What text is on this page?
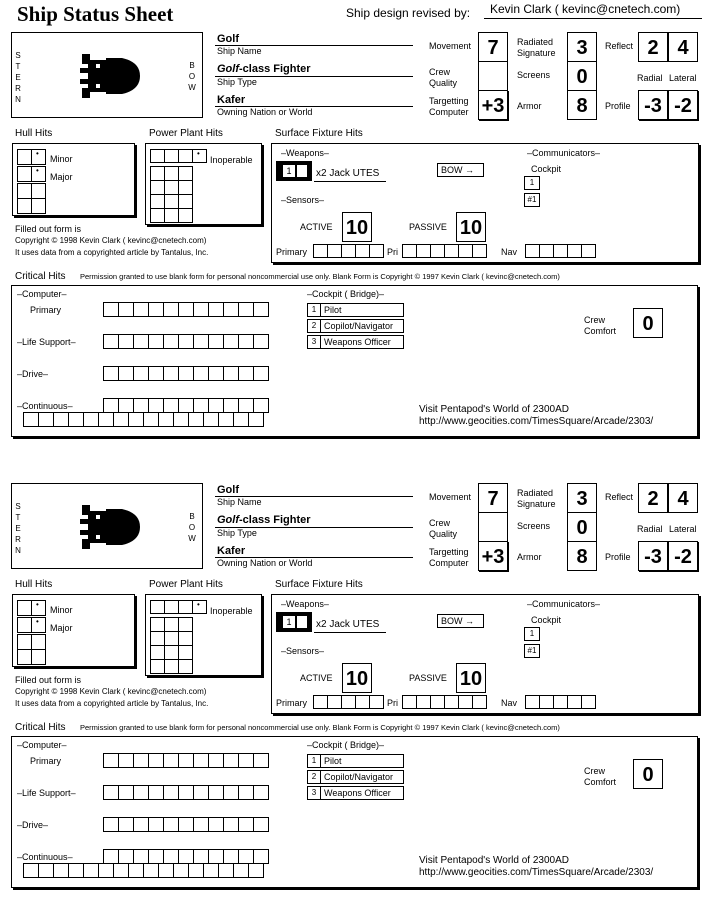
Ship Status Sheet	Ship design revised by: Kevin Clark ( kevinc@cnetech.com)
S T E R N
B O W
Golf
Ship Name
Golf-class Fighter
Ship Type
Kafer
Owning Nation or World
Movement 7
Crew Quality
Targetting Computer +3
Radiated Signature	3
Screens	0
Armor	8
Reflect 2 4
Radial Lateral
Profile -3 -2
Hull Hits
•
•
Minor
Major
Power Plant Hits
•
Inoperable
Surface Fixture Hits
–Weapons–
1	x2 Jack UTES	BOW →
–Communicators–
Cockpit
1
#1
–Sensors–
ACTIVE 10	PASSIVE 10
Primary	Pri	Nav
Filled out form is
Copyright © 1998 Kevin Clark ( kevinc@cnetech.com)
It uses data from a copyrighted article by Tantalus, Inc.
Critical Hits Permission granted to use blank form for personal noncommercial use only. Blank Form is Copyright © 1997 Kevin Clark ( kevinc@cnetech.com)
–Computer–
Primary
–Life Support–
–Drive–
–Continuous–
–Cockpit ( Bridge)–
1 Pilot
2 Copilot/Navigator
3 Weapons Officer
Crew Comfort	0
Visit Pentapod's World of 2300AD
http://www.geocities.com/TimesSquare/Arcade/2303/
S T E R N
B O W
Golf
Ship Name
Golf-class Fighter
Ship Type
Kafer
Owning Nation or World
Movement 7
Crew Quality
Targetting Computer +3
Radiated Signature	3
Screens	0
Armor	8
Reflect 2 4
Radial Lateral
Profile -3 -2
Hull Hits
•
•
Minor
Major
Power Plant Hits
•
Inoperable
Surface Fixture Hits
–Weapons–
1	x2 Jack UTES	BOW →
–Communicators–
Cockpit
1
#1
–Sensors–
ACTIVE 10	PASSIVE 10
Primary	Pri	Nav
Filled out form is
Copyright © 1998 Kevin Clark ( kevinc@cnetech.com)
It uses data from a copyrighted article by Tantalus, Inc.
Critical Hits Permission granted to use blank form for personal noncommercial use only. Blank Form is Copyright © 1997 Kevin Clark ( kevinc@cnetech.com)
–Computer–
Primary
–Life Support–
–Drive–
–Continuous–
–Cockpit ( Bridge)–
1 Pilot
2 Copilot/Navigator
3 Weapons Officer
Crew Comfort	0
Visit Pentapod's World of 2300AD
http://www.geocities.com/TimesSquare/Arcade/2303/
